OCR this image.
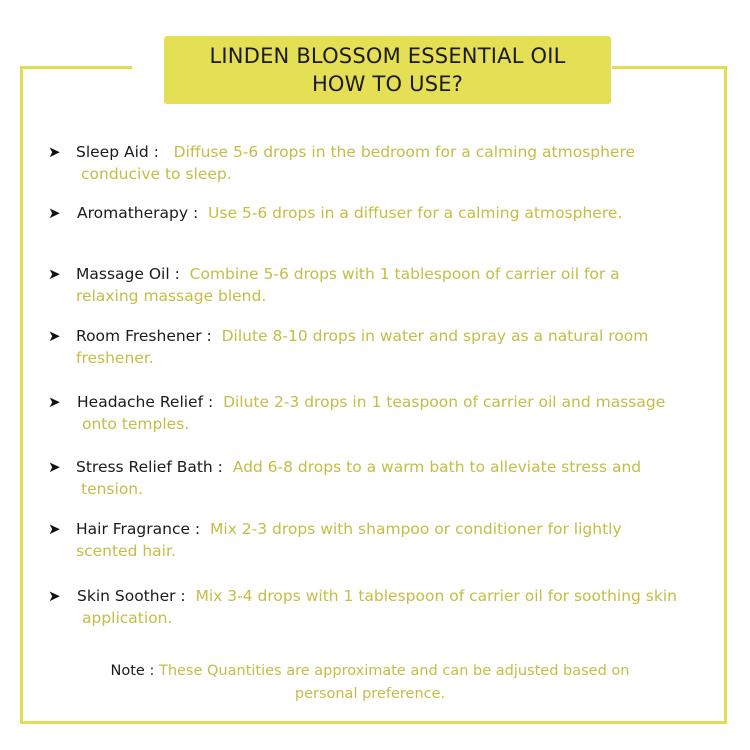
LINDEN BLOSSOM ESSENTIAL OIL
HOW TO USE?
➤ Sleep Aid : Diffuse 5-6 drops in the bedroom for a calming atmosphere
conducive to sleep.
➤ Aromatherapy : Use 5-6 drops in a diffuser for a calming atmosphere.
➤ Massage Oil : Combine 5-6 drops with 1 tablespoon of carrier oil for a
relaxing massage blend.
➤ Room Freshener : Dilute 8-10 drops in water and spray as a natural room
freshener.
➤ Headache Relief : Dilute 2-3 drops in 1 teaspoon of carrier oil and massage
onto temples.
➤ Stress Relief Bath : Add 6-8 drops to a warm bath to alleviate stress and
tension.
➤ Hair Fragrance : Mix 2-3 drops with shampoo or conditioner for lightly
scented hair.
➤ Skin Soother : Mix 3-4 drops with 1 tablespoon of carrier oil for soothing skin
application.
Note : These Quantities are approximate and can be adjusted based on
personal preference.
